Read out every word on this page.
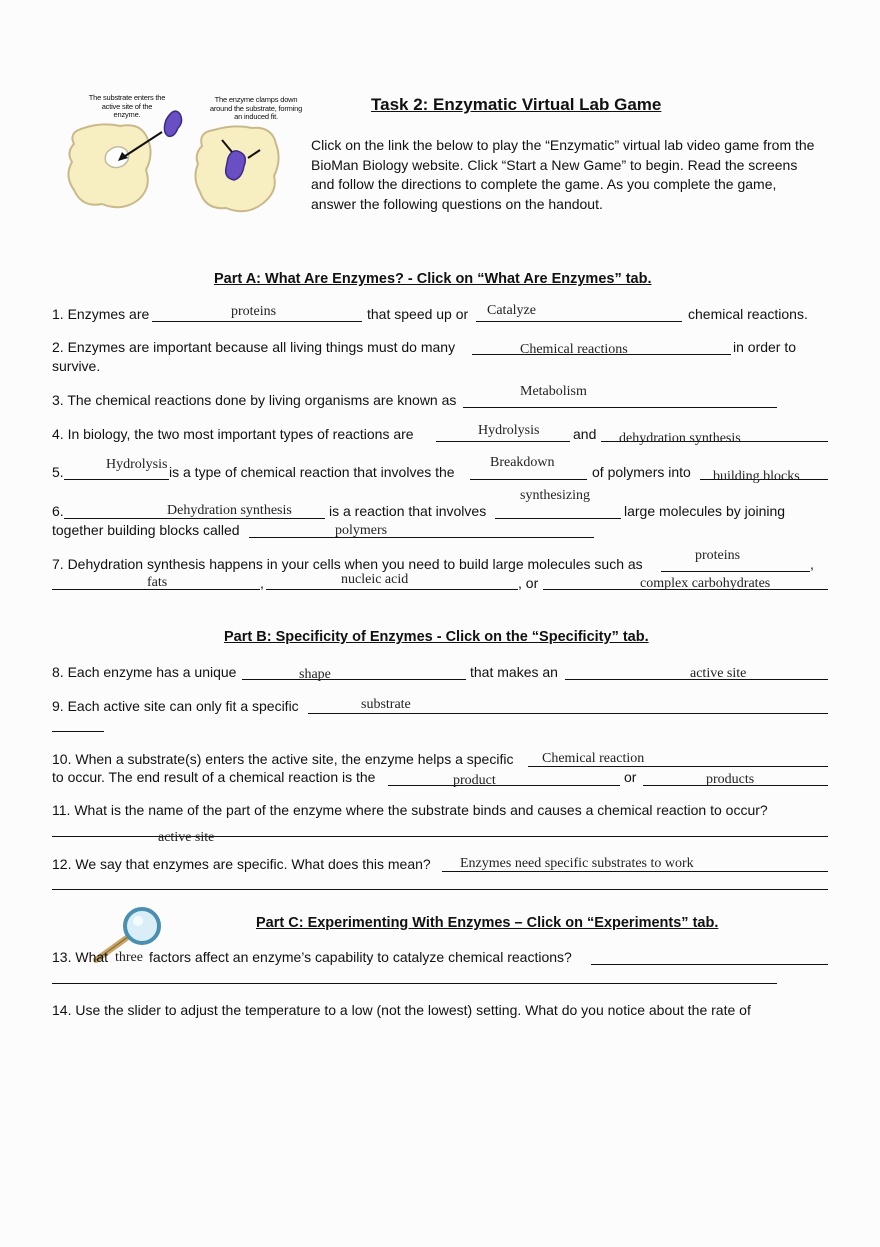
The substrate enters the active site of the enzyme.
The enzyme clamps down around the substrate, forming an induced fit.
Task 2: Enzymatic Virtual Lab Game
Click on the link the below to play the “Enzymatic” virtual lab video game from the BioMan Biology website. Click “Start a New Game” to begin. Read the screens and follow the directions to complete the game. As you complete the game, answer the following questions on the handout.
Part A: What Are Enzymes? - Click on “What Are Enzymes” tab.
1. Enzymes are	proteins	that speed up or Catalyze	chemical reactions.
2. Enzymes are important because all living things must do many	Chemical reactions	in order to
survive.
3. The chemical reactions done by living organisms are known as
Metabolism
4. In biology, the two most important types of reactions are	Hydrolysis and dehydration synthesis
5.	Hydrolysis is a type of chemical reaction that involves the
Breakdown
of polymers into building blocks
synthesizing
6.	Dehydration synthesis	is a reaction that involves	large molecules by joining
together building blocks called	polymers
7. Dehydration synthesis happens in your cells when you need to build large molecules such as
proteins
,
fats	,	nucleic acid	, or	complex carbohydrates
Part B: Specificity of Enzymes - Click on the “Specificity” tab.
8. Each enzyme has a unique	shape	that makes an	active site
9. Each active site can only fit a specific	substrate
10. When a substrate(s) enters the active site, the enzyme helps a specific Chemical reaction
to occur. The end result of a chemical reaction is the	product	or	products
11. What is the name of the part of the enzyme where the substrate binds and causes a chemical reaction to occur?
active site
12. We say that enzymes are specific. What does this mean? Enzymes need specific substrates to work
Part C: Experimenting With Enzymes – Click on “Experiments” tab.
13. What three factors affect an enzyme’s capability to catalyze chemical reactions?
14. Use the slider to adjust the temperature to a low (not the lowest) setting. What do you notice about the rate of
